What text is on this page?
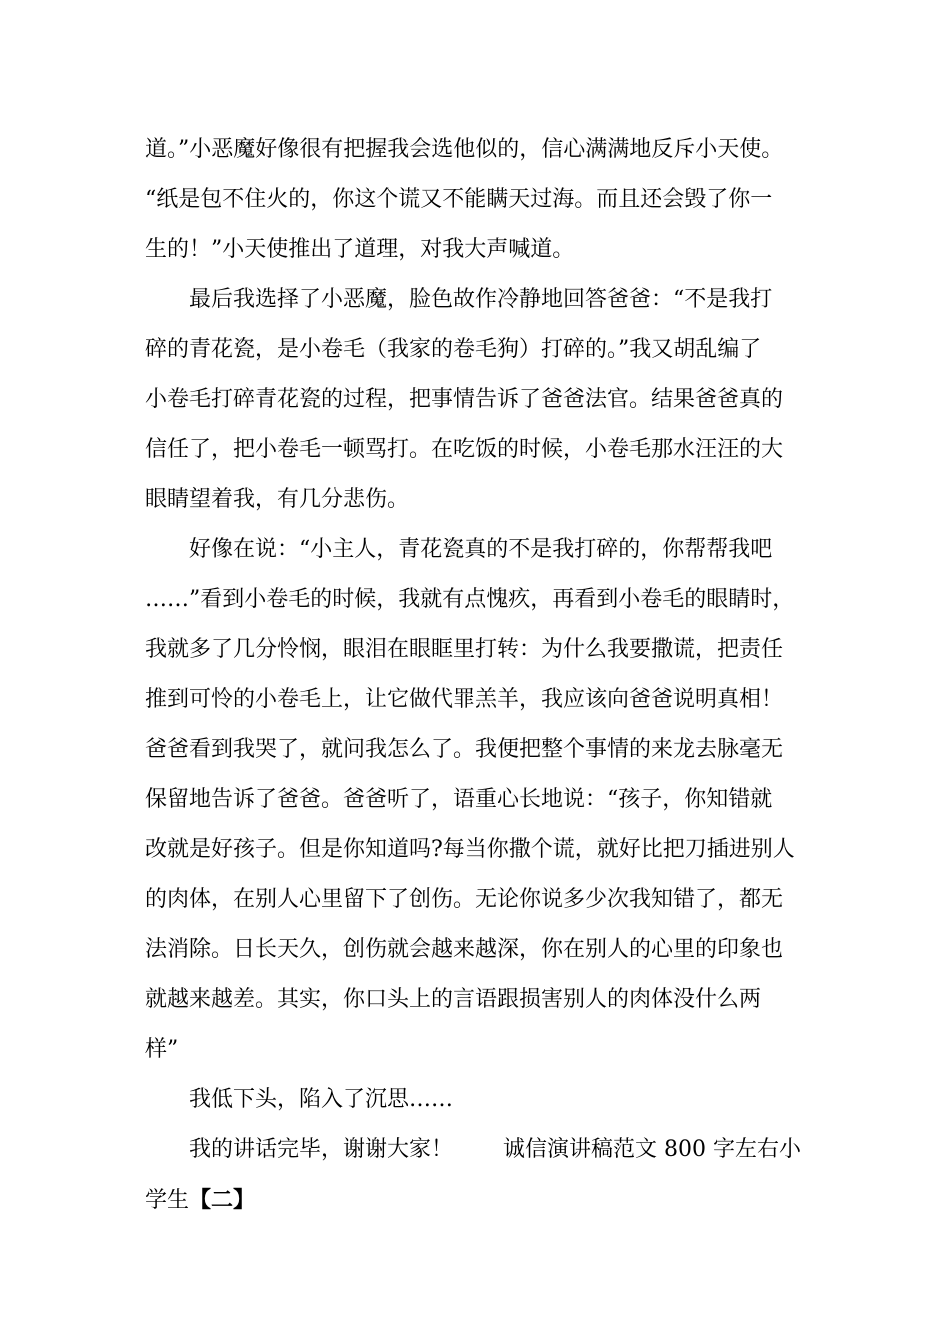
道。”小恶魔好像很有把握我会选他似的，信心满满地反斥小天使。
“纸是包不住火的，你这个谎又不能瞒天过海。而且还会毁了你一
生的！”小天使推出了道理，对我大声喊道。
最后我选择了小恶魔，脸色故作冷静地回答爸爸：“不是我打
碎的青花瓷，是小卷毛（我家的卷毛狗）打碎的。”我又胡乱编了
小卷毛打碎青花瓷的过程，把事情告诉了爸爸法官。结果爸爸真的
信任了，把小卷毛一顿骂打。在吃饭的时候，小卷毛那水汪汪的大
眼睛望着我，有几分悲伤。
好像在说：“小主人，青花瓷真的不是我打碎的，你帮帮我吧
……”看到小卷毛的时候，我就有点愧疚，再看到小卷毛的眼睛时，
我就多了几分怜悯，眼泪在眼眶里打转：为什么我要撒谎，把责任
推到可怜的小卷毛上，让它做代罪羔羊，我应该向爸爸说明真相！
爸爸看到我哭了，就问我怎么了。我便把整个事情的来龙去脉毫无
保留地告诉了爸爸。爸爸听了，语重心长地说：“孩子，你知错就
改就是好孩子。但是你知道吗?每当你撒个谎，就好比把刀插进别人
的肉体，在别人心里留下了创伤。无论你说多少次我知错了，都无
法消除。日长天久，创伤就会越来越深，你在别人的心里的印象也
就越来越差。其实，你口头上的言语跟损害别人的肉体没什么两
样”
我低下头，陷入了沉思……
我的讲话完毕，谢谢大家！ 诚信演讲稿范文 800 字左右小
学生【二】
